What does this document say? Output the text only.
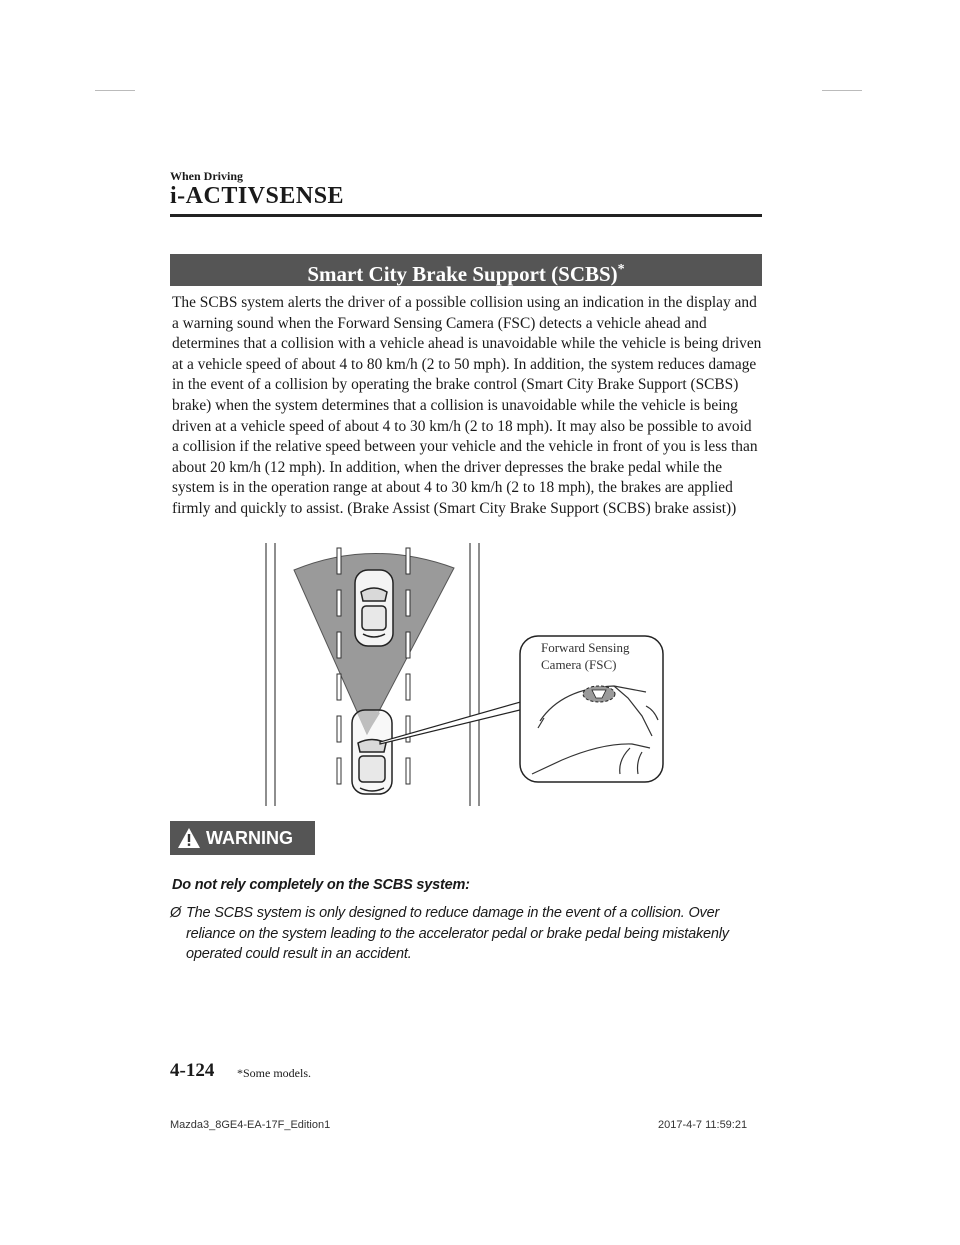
When Driving
i-ACTIVSENSE
Smart City Brake Support (SCBS)*

The SCBS system alerts the driver of a possible collision using an indication in the display and a warning sound when the Forward Sensing Camera (FSC) detects a vehicle ahead and determines that a collision with a vehicle ahead is unavoidable while the vehicle is being driven at a vehicle speed of about 4 to 80 km/h (2 to 50 mph). In addition, the system reduces damage in the event of a collision by operating the brake control (Smart City Brake Support (SCBS) brake) when the system determines that a collision is unavoidable while the vehicle is being driven at a vehicle speed of about 4 to 30 km/h (2 to 18 mph). It may also be possible to avoid a collision if the relative speed between your vehicle and the vehicle in front of you is less than about 20 km/h (12 mph). In addition, when the driver depresses the brake pedal while the system is in the operation range at about 4 to 30 km/h (2 to 18 mph), the brakes are applied firmly and quickly to assist. (Brake Assist (Smart City Brake Support (SCBS) brake assist))

Forward Sensing
Camera (FSC)
WARNING
Do not rely completely on the SCBS system:
Ø The SCBS system is only designed to reduce damage in the event of a collision. Over reliance on the system leading to the accelerator pedal or brake pedal being mistakenly operated could result in an accident.
4-124 *Some models.
Mazda3_8GE4-EA-17F_Edition1	2017-4-7 11:59:21
